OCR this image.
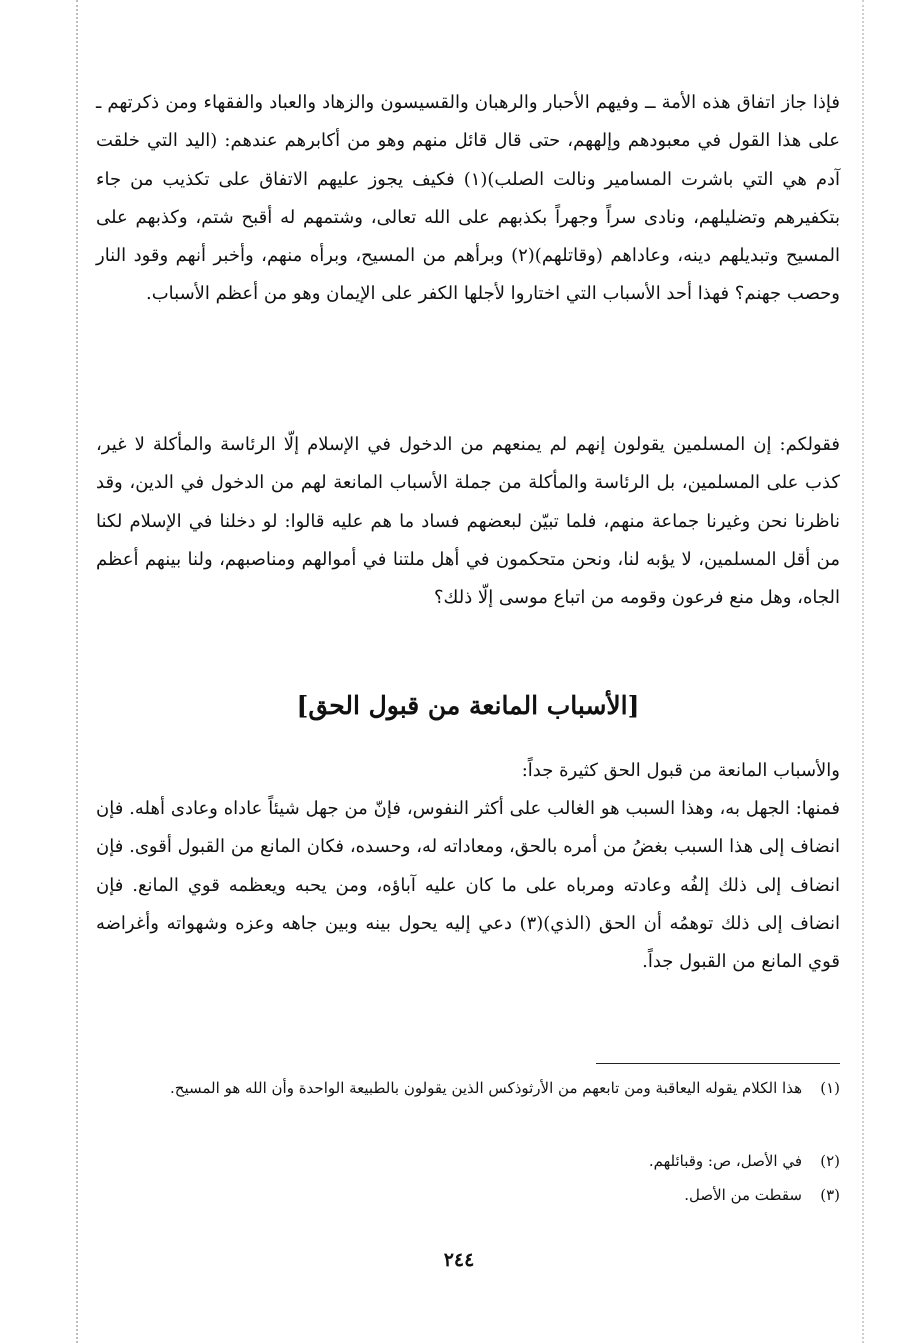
فإذا جاز اتفاق هذه الأمة ــ وفيهم الأحبار والرهبان والقسيسون والزهاد والعباد والفقهاء ومن ذكرتهم ـ على هذا القول في معبودهم وإلههم، حتى قال قائل منهم وهو من أكابرهم عندهم: (اليد التي خلقت آدم هي التي باشرت المسامير ونالت الصلب)(١) فكيف يجوز عليهم الاتفاق على تكذيب من جاء بتكفيرهم وتضليلهم، ونادى سراً وجهراً بكذبهم على الله تعالى، وشتمهم له أقبح شتم، وكذبهم على المسيح وتبديلهم دينه، وعاداهم (وقاتلهم)(٢) وبرأهم من المسيح، وبرأه منهم، وأخبر أنهم وقود النار وحصب جهنم؟ فهذا أحد الأسباب التي اختاروا لأجلها الكفر على الإيمان وهو من أعظم الأسباب.

فقولكم: إن المسلمين يقولون إنهم لم يمنعهم من الدخول في الإسلام إلّا الرئاسة والمأكلة لا غير، كذب على المسلمين، بل الرئاسة والمأكلة من جملة الأسباب المانعة لهم من الدخول في الدين، وقد ناظرنا نحن وغيرنا جماعة منهم، فلما تبيّن لبعضهم فساد ما هم عليه قالوا: لو دخلنا في الإسلام لكنا من أقل المسلمين، لا يؤبه لنا، ونحن متحكمون في أهل ملتنا في أموالهم ومناصبهم، ولنا بينهم أعظم الجاه، وهل منع فرعون وقومه من اتباع موسى إلّا ذلك؟

[الأسباب المانعة من قبول الحق]

والأسباب المانعة من قبول الحق كثيرة جداً:

فمنها: الجهل به، وهذا السبب هو الغالب على أكثر النفوس، فإنّ من جهل شيئاً عاداه وعادى أهله. فإن انضاف إلى هذا السبب بغضُ من أمره بالحق، ومعاداته له، وحسده، فكان المانع من القبول أقوى. فإن انضاف إلى ذلك إلفُه وعادته ومرباه على ما كان عليه آباؤه، ومن يحبه ويعظمه قوي المانع. فإن انضاف إلى ذلك توهمُه أن الحق (الذي)(٣) دعي إليه يحول بينه وبين جاهه وعزه وشهواته وأغراضه قوي المانع من القبول جداً.

(١)
هذا الكلام يقوله اليعاقبة ومن تابعهم من الأرثوذكس الذين يقولون بالطبيعة الواحدة وأن الله هو المسيح.
(٢)
في الأصل، ص: وقبائلهم.
(٣)
سقطت من الأصل.
٢٤٤
